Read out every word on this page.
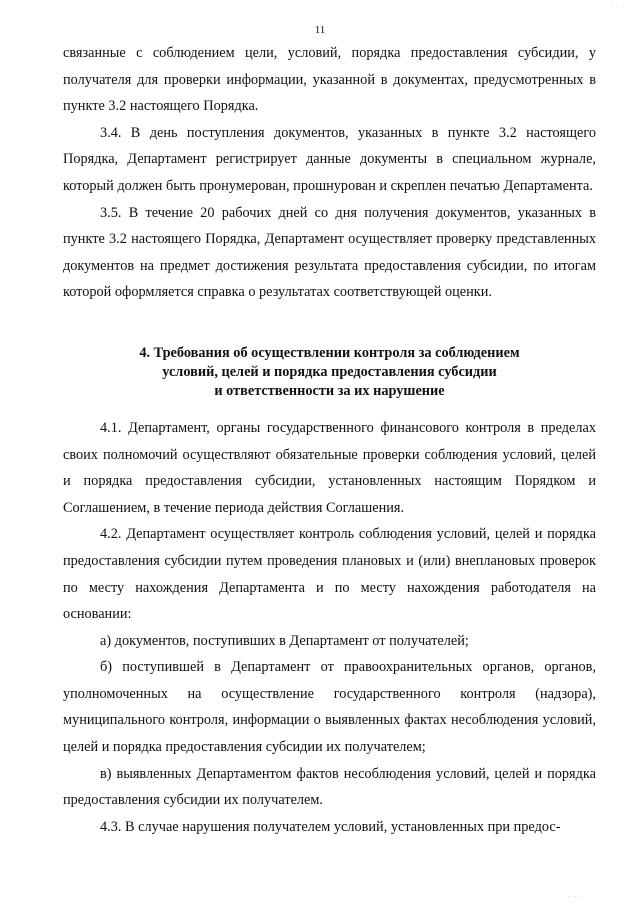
· · ·
11

связанные с соблюдением цели, условий, порядка предоставления субсидии, у получателя для проверки информации, указанной в документах, предусмотренных в пункте 3.2 настоящего Порядка.

3.4. В день поступления документов, указанных в пункте 3.2 настоящего Порядка, Департамент регистрирует данные документы в специальном журнале, который должен быть пронумерован, прошнурован и скреплен печатью Департамента.

3.5. В течение 20 рабочих дней со дня получения документов, указанных в пункте 3.2 настоящего Порядка, Департамент осуществляет проверку представленных документов на предмет достижения результата предоставления субсидии, по итогам которой оформляется справка о результатах соответствующей оценки.

4. Требования об осуществлении контроля за соблюдением
условий, целей и порядка предоставления субсидии
и ответственности за их нарушение

4.1. Департамент, органы государственного финансового контроля в пределах своих полномочий осуществляют обязательные проверки соблюдения условий, целей и порядка предоставления субсидии, установленных настоящим Порядком и Соглашением, в течение периода действия Соглашения.

4.2. Департамент осуществляет контроль соблюдения условий, целей и порядка предоставления субсидии путем проведения плановых и (или) внеплановых проверок по месту нахождения Департамента и по месту нахождения работодателя на основании:

а) документов, поступивших в Департамент от получателей;

б) поступившей в Департамент от правоохранительных органов, органов, уполномоченных на осуществление государственного контроля (надзора), муниципального контроля, информации о выявленных фактах несоблюдения условий, целей и порядка предоставления субсидии их получателем;

в) выявленных Департаментом фактов несоблюдения условий, целей и порядка предоставления субсидии их получателем.

4.3. В случае нарушения получателем условий, установленных при предос-

· · ·
